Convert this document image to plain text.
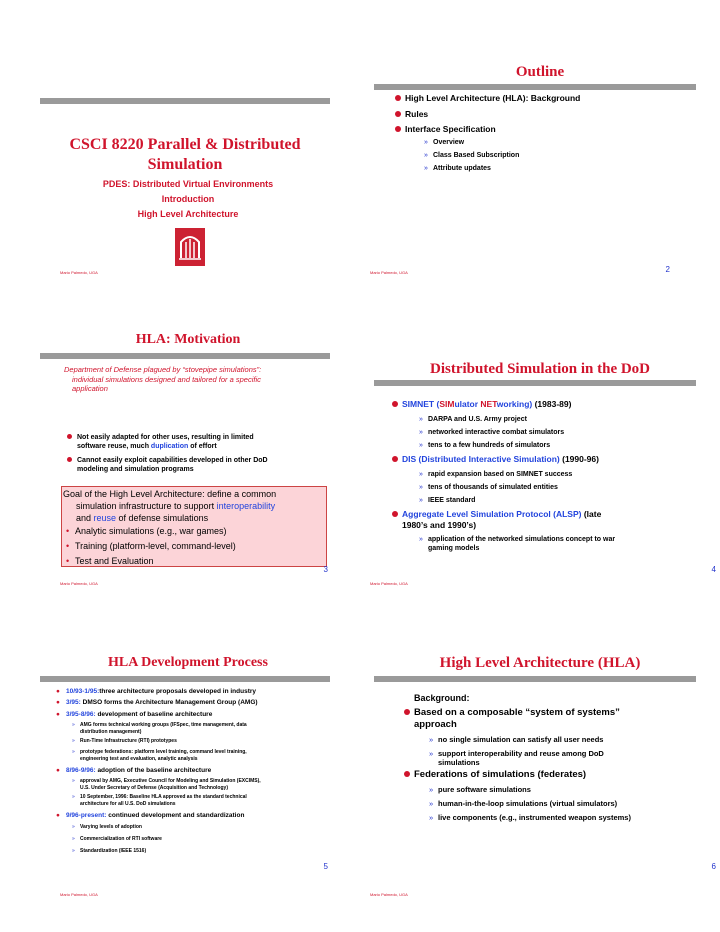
CSCI 8220 Parallel & Distributed Simulation
PDES: Distributed Virtual Environments
Introduction
High Level Architecture
Mario Palmedo, UGA
Outline
High Level Architecture (HLA): Background
Rules
Interface Specification
» Overview
» Class Based Subscription
» Attribute updates
Mario Palmedo, UGA	2
HLA: Motivation
Department of Defense plagued by “stovepipe simulations”:
individual simulations designed and tailored for a specific
application
Not easily adapted for other uses, resulting in limited
software reuse, much duplication of effort
Cannot easily exploit capabilities developed in other DoD
modeling and simulation programs
Goal of the High Level Architecture: define a common
simulation infrastructure to support interoperability
and reuse of defense simulations
• Analytic simulations (e.g., war games)
• Training (platform-level, command-level)
• Test and Evaluation
Mario Palmedo, UGA
3
Distributed Simulation in the DoD
SIMNET (SIMulator NETworking) (1983-89)
» DARPA and U.S. Army project
» networked interactive combat simulators
» tens to a few hundreds of simulators
DIS (Distributed Interactive Simulation) (1990-96)
» rapid expansion based on SIMNET success
» tens of thousands of simulated entities
» IEEE standard
Aggregate Level Simulation Protocol (ALSP) (late
1980’s and 1990’s)
» application of the networked simulations concept to war
gaming models
Mario Palmedo, UGA
4
HLA Development Process
● 10/93-1/95:three architecture proposals developed in industry
● 3/95: DMSO forms the Architecture Management Group (AMG)
● 3/95-8/96: development of baseline architecture
» AMG forms technical working groups (IFSpec, time management, data
distribution management)
» Run-Time Infrastructure (RTI) prototypes
» prototype federations: platform level training, command level training,
engineering test and evaluation, analytic analysis
● 8/96-9/96: adoption of the baseline architecture
» approval by AMG, Executive Council for Modeling and Simulation (EXCIMS),
U.S. Under Secretary of Defense (Acquisition and Technology)
» 10 September, 1996: Baseline HLA approved as the standard technical
architecture for all U.S. DoD simulations
● 9/96-present: continued development and standardization
» Varying levels of adoption
» Commercialization of RTI software
» Standardization (IEEE 1516)
Mario Palmedo, UGA
5
High Level Architecture (HLA)
Background:
Based on a composable “system of systems”
approach
» no single simulation can satisfy all user needs
» support interoperability and reuse among DoD
simulations
Federations of simulations (federates)
» pure software simulations
» human-in-the-loop simulations (virtual simulators)
» live components (e.g., instrumented weapon systems)
Mario Palmedo, UGA
6
